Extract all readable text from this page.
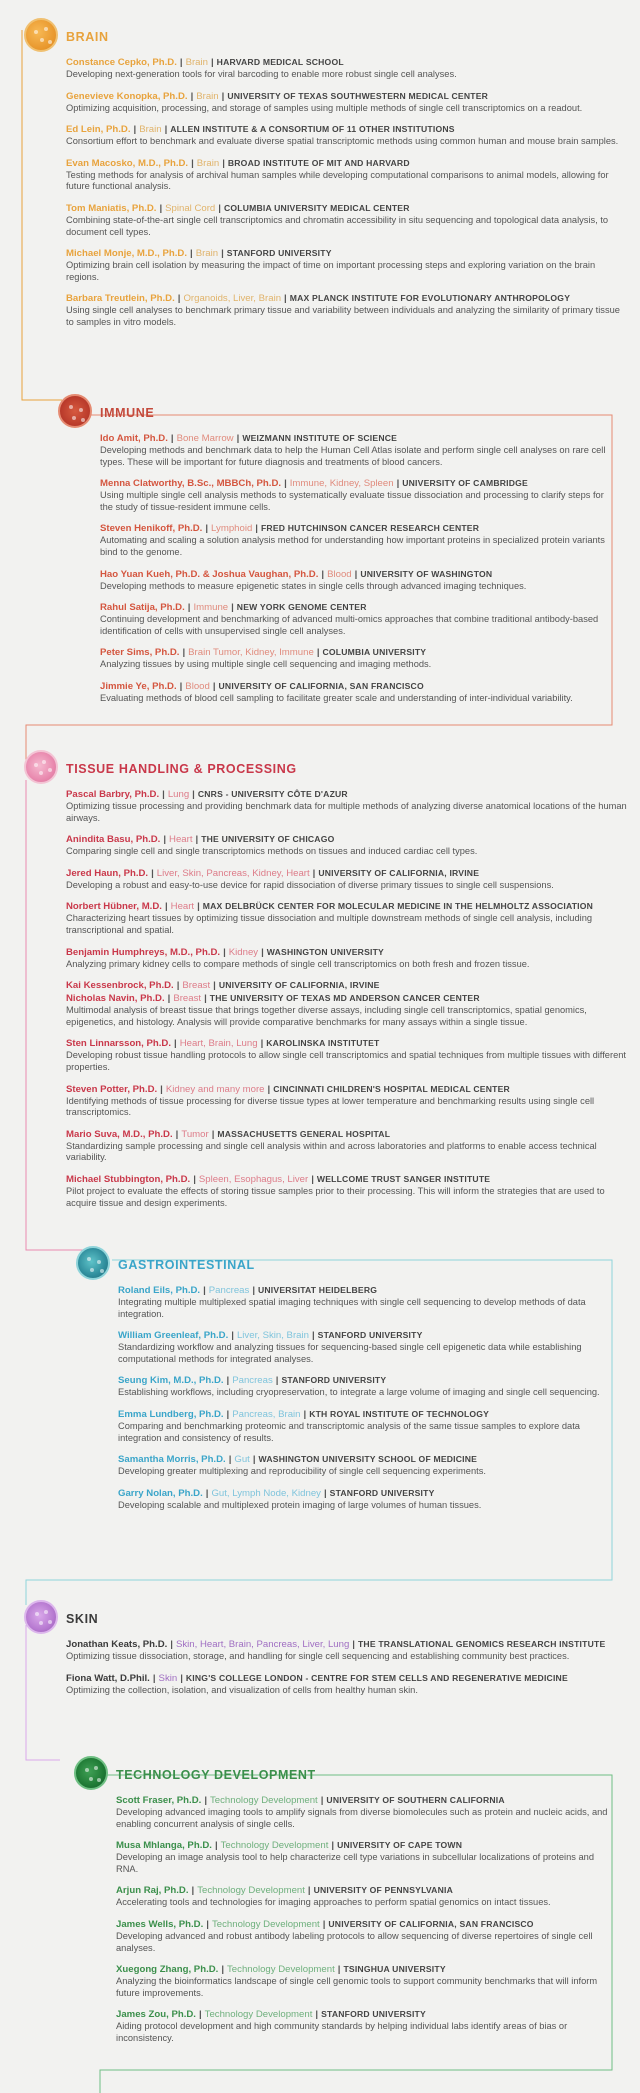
BRAIN
Constance Cepko, Ph.D. | Brain | HARVARD MEDICAL SCHOOL
Developing next-generation tools for viral barcoding to enable more robust single cell analyses.
Genevieve Konopka, Ph.D. | Brain | UNIVERSITY OF TEXAS SOUTHWESTERN MEDICAL CENTER
Optimizing acquisition, processing, and storage of samples using multiple methods of single cell transcriptomics on a readout.
Ed Lein, Ph.D. | Brain | ALLEN INSTITUTE & A CONSORTIUM OF 11 OTHER INSTITUTIONS
Consortium effort to benchmark and evaluate diverse spatial transcriptomic methods using common human and mouse brain samples.
Evan Macosko, M.D., Ph.D. | Brain | BROAD INSTITUTE OF MIT AND HARVARD
Testing methods for analysis of archival human samples while developing computational comparisons to animal models, allowing for future functional analysis.
Tom Maniatis, Ph.D. | Spinal Cord | COLUMBIA UNIVERSITY MEDICAL CENTER
Combining state-of-the-art single cell transcriptomics and chromatin accessibility in situ sequencing and topological data analysis, to document cell types.
Michael Monje, M.D., Ph.D. | Brain | STANFORD UNIVERSITY
Optimizing brain cell isolation by measuring the impact of time on important processing steps and exploring variation on the brain regions.
Barbara Treutlein, Ph.D. | Organoids, Liver, Brain | MAX PLANCK INSTITUTE FOR EVOLUTIONARY ANTHROPOLOGY
Using single cell analyses to benchmark primary tissue and variability between individuals and analyzing the similarity of primary tissue to samples in vitro models.
IMMUNE
Ido Amit, Ph.D. | Bone Marrow | WEIZMANN INSTITUTE OF SCIENCE
Developing methods and benchmark data to help the Human Cell Atlas isolate and perform single cell analyses on rare cell types. These will be important for future diagnosis and treatments of blood cancers.
Menna Clatworthy, B.Sc., MBBCh, Ph.D. | Immune, Kidney, Spleen | UNIVERSITY OF CAMBRIDGE
Using multiple single cell analysis methods to systematically evaluate tissue dissociation and processing to clarify steps for the study of tissue-resident immune cells.
Steven Henikoff, Ph.D. | Lymphoid | FRED HUTCHINSON CANCER RESEARCH CENTER
Automating and scaling a solution analysis method for understanding how important proteins in specialized protein variants bind to the genome.
Hao Yuan Kueh, Ph.D. & Joshua Vaughan, Ph.D. | Blood | UNIVERSITY OF WASHINGTON
Developing methods to measure epigenetic states in single cells through advanced imaging techniques.
Rahul Satija, Ph.D. | Immune | NEW YORK GENOME CENTER
Continuing development and benchmarking of advanced multi-omics approaches that combine traditional antibody-based identification of cells with unsupervised single cell analyses.
Peter Sims, Ph.D. | Brain Tumor, Kidney, Immune | COLUMBIA UNIVERSITY
Analyzing tissues by using multiple single cell sequencing and imaging methods.
Jimmie Ye, Ph.D. | Blood | UNIVERSITY OF CALIFORNIA, SAN FRANCISCO
Evaluating methods of blood cell sampling to facilitate greater scale and understanding of inter-individual variability.
TISSUE HANDLING & PROCESSING
Pascal Barbry, Ph.D. | Lung | CNRS - UNIVERSITY CÔTE D'AZUR
Optimizing tissue processing and providing benchmark data for multiple methods of analyzing diverse anatomical locations of the human airways.
Anindita Basu, Ph.D. | Heart | THE UNIVERSITY OF CHICAGO
Comparing single cell and single transcriptomics methods on tissues and induced cardiac cell types.
Jered Haun, Ph.D. | Liver, Skin, Pancreas, Kidney, Heart | UNIVERSITY OF CALIFORNIA, IRVINE
Developing a robust and easy-to-use device for rapid dissociation of diverse primary tissues to single cell suspensions.
Norbert Hübner, M.D. | Heart | MAX DELBRÜCK CENTER FOR MOLECULAR MEDICINE IN THE HELMHOLTZ ASSOCIATION
Characterizing heart tissues by optimizing tissue dissociation and multiple downstream methods of single cell analysis, including transcriptional and spatial.
Benjamin Humphreys, M.D., Ph.D. | Kidney | WASHINGTON UNIVERSITY
Analyzing primary kidney cells to compare methods of single cell transcriptomics on both fresh and frozen tissue.
Kai Kessenbrock, Ph.D. | Breast | UNIVERSITY OF CALIFORNIA, IRVINE
Nicholas Navin, Ph.D. | Breast | THE UNIVERSITY OF TEXAS MD ANDERSON CANCER CENTER
Multimodal analysis of breast tissue that brings together diverse assays, including single cell transcriptomics, spatial genomics, epigenetics, and histology. Analysis will provide comparative benchmarks for many assays within a single tissue.
Sten Linnarsson, Ph.D. | Heart, Brain, Lung | KAROLINSKA INSTITUTET
Developing robust tissue handling protocols to allow single cell transcriptomics and spatial techniques from multiple tissues with different properties.
Steven Potter, Ph.D. | Kidney and many more | CINCINNATI CHILDREN'S HOSPITAL MEDICAL CENTER
Identifying methods of tissue processing for diverse tissue types at lower temperature and benchmarking results using single cell transcriptomics.
Mario Suva, M.D., Ph.D. | Tumor | MASSACHUSETTS GENERAL HOSPITAL
Standardizing sample processing and single cell analysis within and across laboratories and platforms to enable access technical variability.
Michael Stubbington, Ph.D. | Spleen, Esophagus, Liver | WELLCOME TRUST SANGER INSTITUTE
Pilot project to evaluate the effects of storing tissue samples prior to their processing. This will inform the strategies that are used to acquire tissue and design experiments.
GASTROINTESTINAL
Roland Eils, Ph.D. | Pancreas | UNIVERSITAT HEIDELBERG
Integrating multiple multiplexed spatial imaging techniques with single cell sequencing to develop methods of data integration.
William Greenleaf, Ph.D. | Liver, Skin, Brain | STANFORD UNIVERSITY
Standardizing workflow and analyzing tissues for sequencing-based single cell epigenetic data while establishing computational methods for integrated analyses.
Seung Kim, M.D., Ph.D. | Pancreas | STANFORD UNIVERSITY
Establishing workflows, including cryopreservation, to integrate a large volume of imaging and single cell sequencing.
Emma Lundberg, Ph.D. | Pancreas, Brain | KTH ROYAL INSTITUTE OF TECHNOLOGY
Comparing and benchmarking proteomic and transcriptomic analysis of the same tissue samples to explore data integration and consistency of results.
Samantha Morris, Ph.D. | Gut | WASHINGTON UNIVERSITY SCHOOL OF MEDICINE
Developing greater multiplexing and reproducibility of single cell sequencing experiments.
Garry Nolan, Ph.D. | Gut, Lymph Node, Kidney | STANFORD UNIVERSITY
Developing scalable and multiplexed protein imaging of large volumes of human tissues.
SKIN
Jonathan Keats, Ph.D. | Skin, Heart, Brain, Pancreas, Liver, Lung | THE TRANSLATIONAL GENOMICS RESEARCH INSTITUTE
Optimizing tissue dissociation, storage, and handling for single cell sequencing and establishing community best practices.
Fiona Watt, D.Phil. | Skin | KING'S COLLEGE LONDON - CENTRE FOR STEM CELLS AND REGENERATIVE MEDICINE
Optimizing the collection, isolation, and visualization of cells from healthy human skin.
TECHNOLOGY DEVELOPMENT
Scott Fraser, Ph.D. | Technology Development | UNIVERSITY OF SOUTHERN CALIFORNIA
Developing advanced imaging tools to amplify signals from diverse biomolecules such as protein and nucleic acids, and enabling concurrent analysis of single cells.
Musa Mhlanga, Ph.D. | Technology Development | UNIVERSITY OF CAPE TOWN
Developing an image analysis tool to help characterize cell type variations in subcellular localizations of proteins and RNA.
Arjun Raj, Ph.D. | Technology Development | UNIVERSITY OF PENNSYLVANIA
Accelerating tools and technologies for imaging approaches to perform spatial genomics on intact tissues.
James Wells, Ph.D. | Technology Development | UNIVERSITY OF CALIFORNIA, SAN FRANCISCO
Developing advanced and robust antibody labeling protocols to allow sequencing of diverse repertoires of single cell analyses.
Xuegong Zhang, Ph.D. | Technology Development | TSINGHUA UNIVERSITY
Analyzing the bioinformatics landscape of single cell genomic tools to support community benchmarks that will inform future improvements.
James Zou, Ph.D. | Technology Development | STANFORD UNIVERSITY
Aiding protocol development and high community standards by helping individual labs identify areas of bias or inconsistency.
